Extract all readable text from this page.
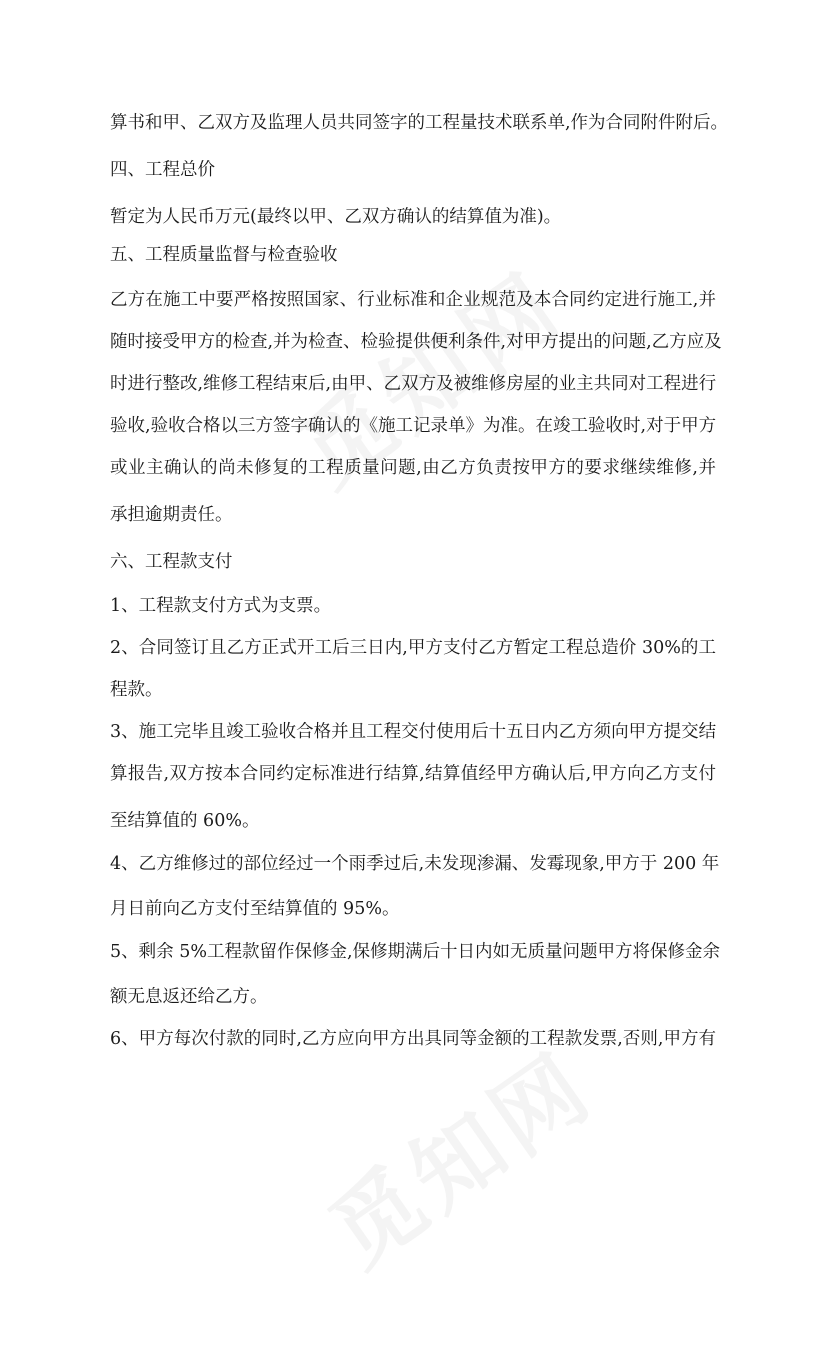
算书和甲、乙双方及监理人员共同签字的工程量技术联系单,作为合同附件附后。
四、工程总价
暂定为人民币万元(最终以甲、乙双方确认的结算值为准)。
五、工程质量监督与检查验收
乙方在施工中要严格按照国家、行业标准和企业规范及本合同约定进行施工,并
随时接受甲方的检查,并为检查、检验提供便利条件,对甲方提出的问题,乙方应及
时进行整改,维修工程结束后,由甲、乙双方及被维修房屋的业主共同对工程进行
验收,验收合格以三方签字确认的《施工记录单》为准。在竣工验收时,对于甲方
或业主确认的尚未修复的工程质量问题,由乙方负责按甲方的要求继续维修,并
承担逾期责任。
六、工程款支付
1、工程款支付方式为支票。
2、合同签订且乙方正式开工后三日内,甲方支付乙方暂定工程总造价 30%的工
程款。
3、施工完毕且竣工验收合格并且工程交付使用后十五日内乙方须向甲方提交结
算报告,双方按本合同约定标准进行结算,结算值经甲方确认后,甲方向乙方支付
至结算值的 60%。
4、乙方维修过的部位经过一个雨季过后,未发现渗漏、发霉现象,甲方于 200 年
月日前向乙方支付至结算值的 95%。
5、剩余 5%工程款留作保修金,保修期满后十日内如无质量问题甲方将保修金余
额无息返还给乙方。
6、甲方每次付款的同时,乙方应向甲方出具同等金额的工程款发票,否则,甲方有
